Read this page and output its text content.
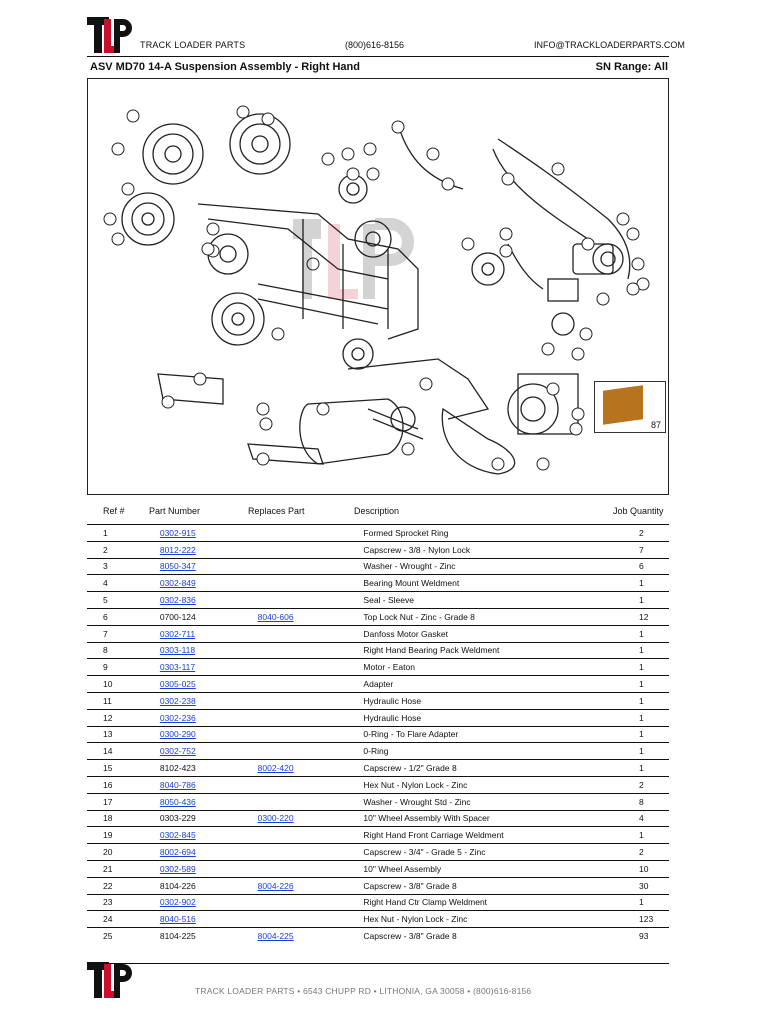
TRACK LOADER PARTS	(800)616-8156	INFO@TRACKLOADERPARTS.COM
ASV MD70 14-A Suspension Assembly - Right Hand	SN Range: All
87
Ref #	Part Number	Replaces Part	Description	Job Quantity
1	0302-915		Formed Sprocket Ring	2
2	8012-222		Capscrew - 3/8 - Nylon Lock	7
3	8050-347		Washer - Wrought - Zinc	6
4	0302-849		Bearing Mount Weldment	1
5	0302-836		Seal - Sleeve	1
6	0700-124	8040-606	Top Lock Nut - Zinc - Grade 8	12
7	0302-711		Danfoss Motor Gasket	1
8	0303-118		Right Hand Bearing Pack Weldment	1
9	0303-117		Motor - Eaton	1
10	0305-025		Adapter	1
11	0302-238		Hydraulic Hose	1
12	0302-236		Hydraulic Hose	1
13	0300-290		0-Ring - To Flare Adapter	1
14	0302-752		0-Ring	1
15	8102-423	8002-420	Capscrew - 1/2" Grade 8	1
16	8040-786		Hex Nut - Nylon Lock - Zinc	2
17	8050-436		Washer - Wrought Std - Zinc	8
18	0303-229	0300-220	10" Wheel Assembly With Spacer	4
19	0302-845		Right Hand Front Carriage Weldment	1
20	8002-694		Capscrew - 3/4" - Grade 5 - Zinc	2
21	0302-589		10" Wheel Assembly	10
22	8104-226	8004-226	Capscrew - 3/8" Grade 8	30
23	0302-902		Right Hand Ctr Clamp Weldment	1
24	8040-516		Hex Nut - Nylon Lock - Zinc	123
25	8104-225	8004-225	Capscrew - 3/8" Grade 8	93
TRACK LOADER PARTS • 6543 CHUPP RD • LITHONIA, GA 30058 • (800)616-8156
